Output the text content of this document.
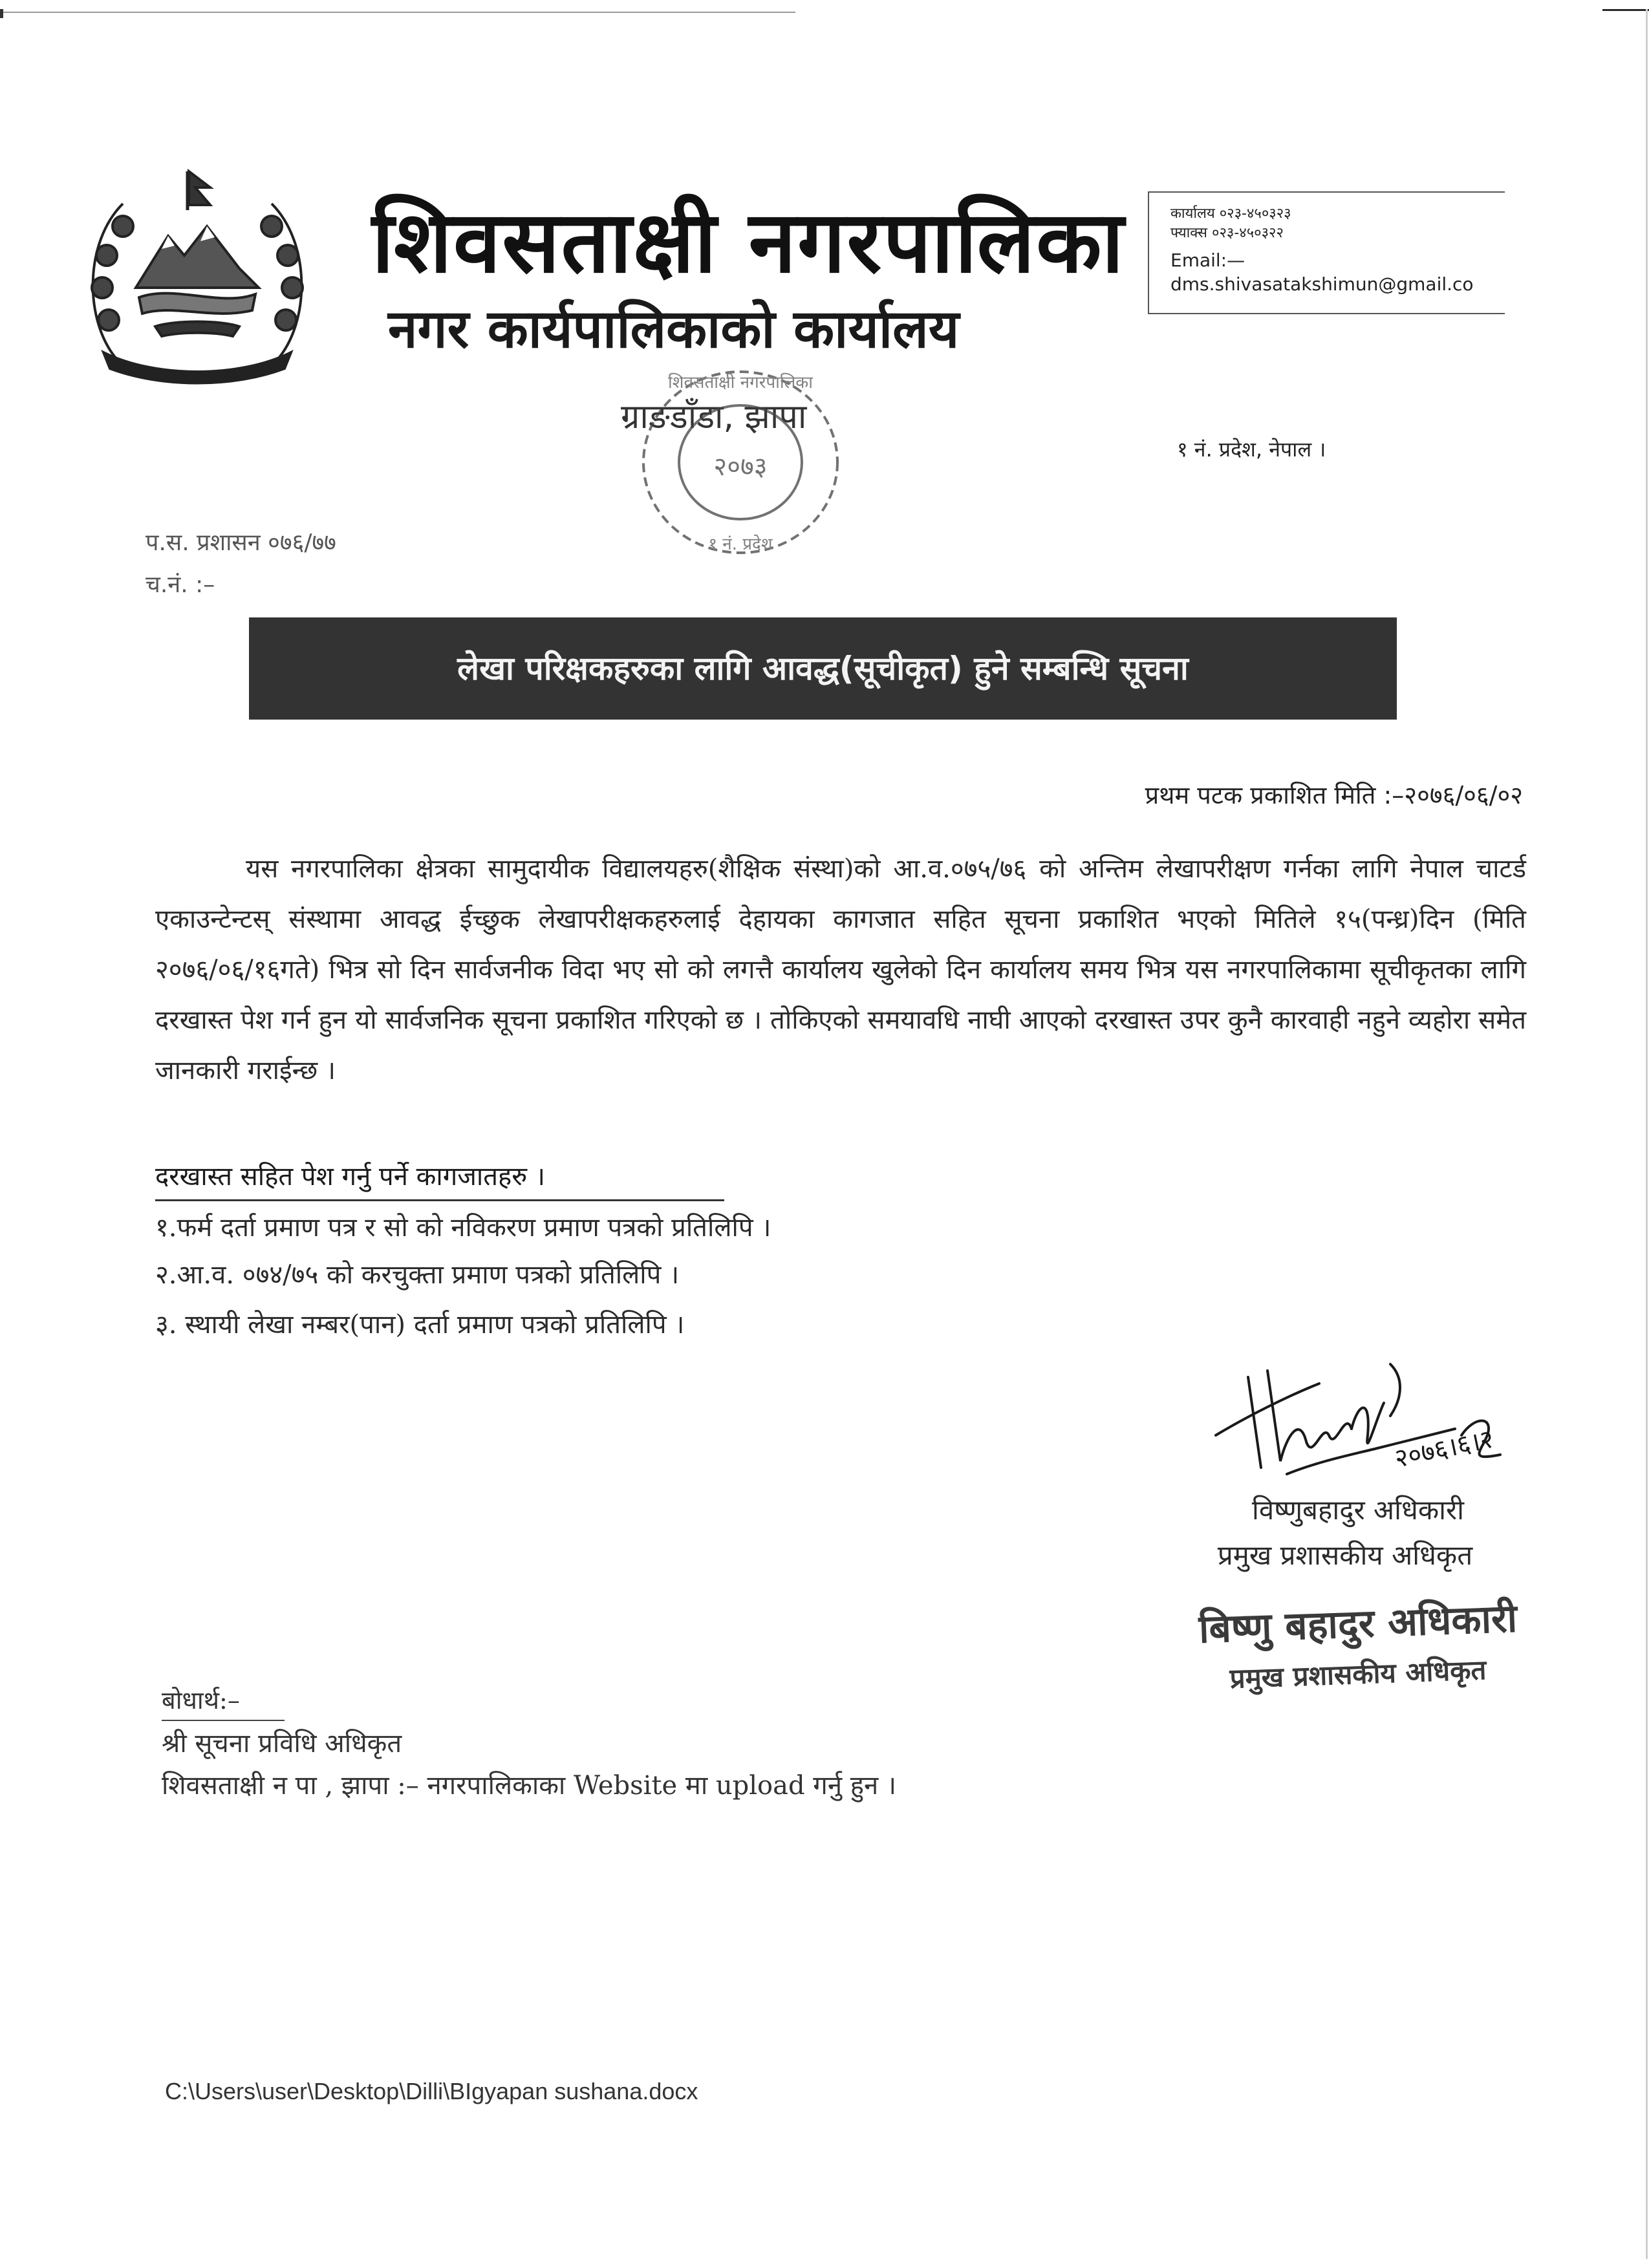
शिवसताक्षी नगरपालिका
नगर कार्यपालिकाको कार्यालय
ग्राङडाँडा, झापा
१ नं. प्रदेश, नेपाल ।
कार्यालय ०२३-४५०३२३
फ्याक्स ०२३-४५०३२२
Email:—
dms.shivasatakshimun@gmail.co
२०७३
शिवसताक्षी नगरपालिका
१ नं. प्रदेश
प.स. प्रशासन ०७६/७७
च.नं. :–
लेखा परिक्षकहरुका लागि आवद्ध(सूचीकृत) हुने सम्बन्धि सूचना
प्रथम पटक प्रकाशित मिति :–२०७६/०६/०२
यस नगरपालिका क्षेत्रका सामुदायीक विद्यालयहरु(शैक्षिक संस्था)को आ.व.०७५/७६ को अन्तिम लेखापरीक्षण गर्नका लागि नेपाल चाटर्ड एकाउन्टेन्टस् संस्थामा आवद्ध ईच्छुक लेखापरीक्षकहरुलाई देहायका कागजात सहित सूचना प्रकाशित भएको मितिले १५(पन्ध्र)दिन (मिति २०७६/०६/१६गते) भित्र सो दिन सार्वजनीक विदा भए सो को लगत्तै कार्यालय खुलेको दिन कार्यालय समय भित्र यस नगरपालिकामा सूचीकृतका लागि दरखास्त पेश गर्न हुन यो सार्वजनिक सूचना प्रकाशित गरिएको छ । तोकिएको समयावधि नाघी आएको दरखास्त उपर कुनै कारवाही नहुने व्यहोरा समेत जानकारी गराईन्छ ।
दरखास्त सहित पेश गर्नु पर्ने कागजातहरु ।
१.फर्म दर्ता प्रमाण पत्र र सो को नविकरण प्रमाण पत्रको प्रतिलिपि ।
२.आ.व. ०७४/७५ को करचुक्ता प्रमाण पत्रको प्रतिलिपि ।
३. स्थायी लेखा नम्बर(पान) दर्ता प्रमाण पत्रको प्रतिलिपि ।
२०७६।६।२
विष्णुबहादुर अधिकारी
प्रमुख प्रशासकीय अधिकृत
बिष्णु बहादुर अधिकारी
प्रमुख प्रशासकीय अधिकृत
बोधार्थ:–
श्री सूचना प्रविधि अधिकृत
शिवसताक्षी न पा , झापा :– नगरपालिकाका Website मा upload गर्नु हुन ।
C:\Users\user\Desktop\Dilli\BIgyapan sushana.docx
